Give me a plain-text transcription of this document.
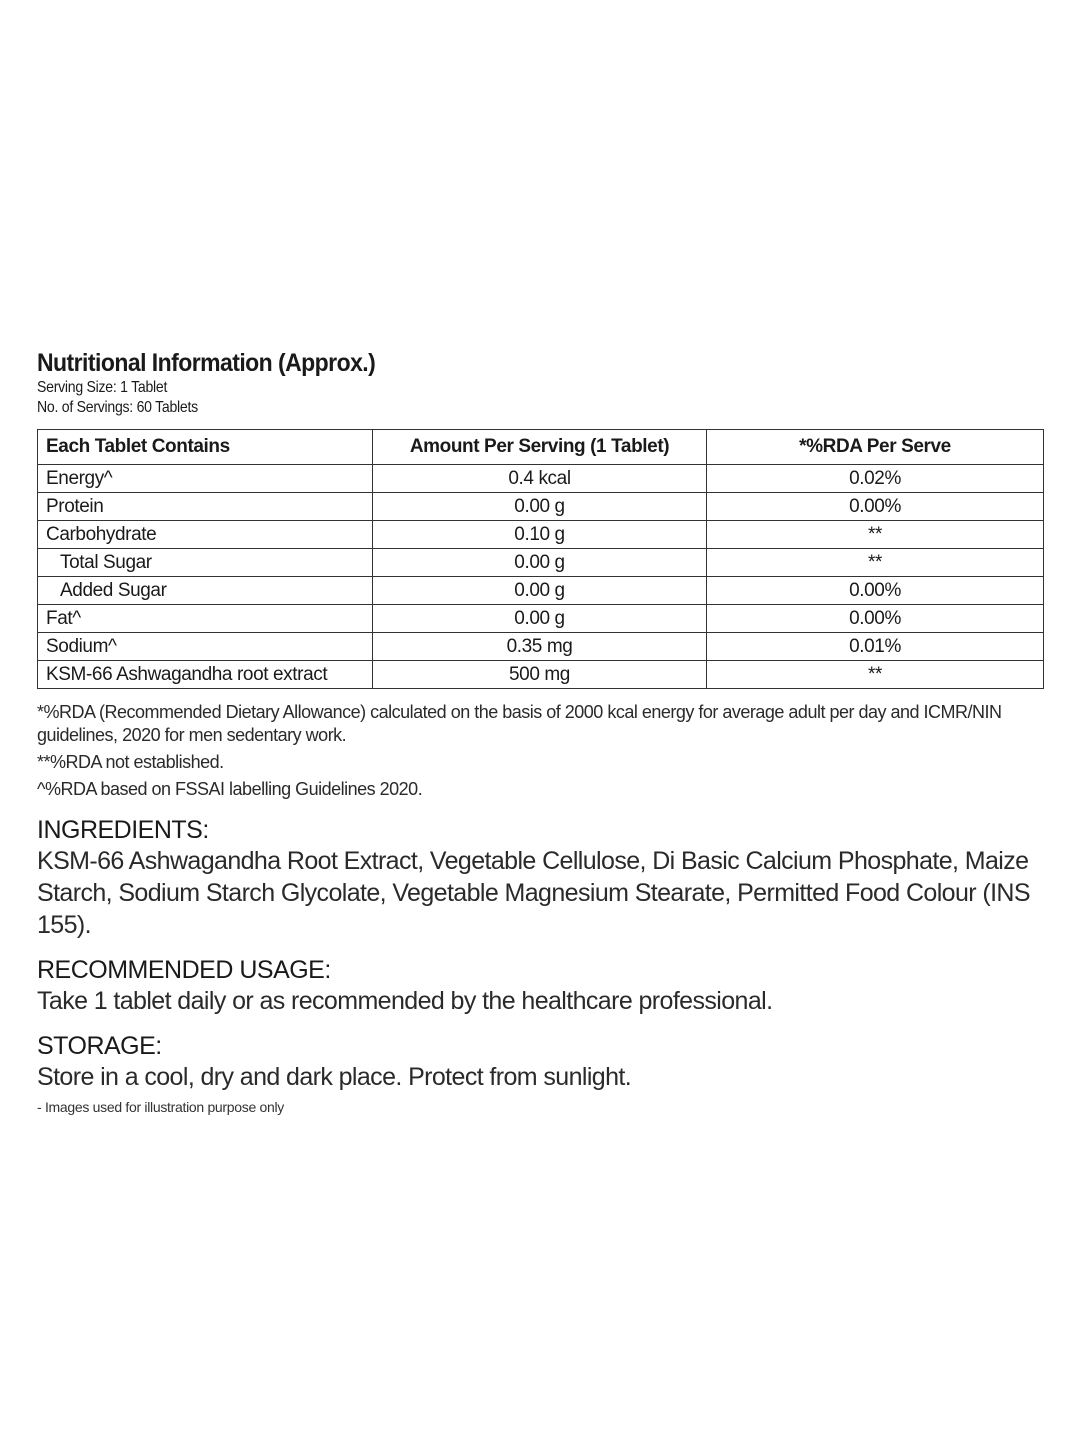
Nutritional Information (Approx.)
Serving Size: 1 Tablet
No. of Servings: 60 Tablets
Each Tablet Contains	Amount Per Serving (1 Tablet)	*%RDA Per Serve
Energy^	0.4 kcal	0.02%
Protein	0.00 g	0.00%
Carbohydrate	0.10 g	**
Total Sugar	0.00 g	**
Added Sugar	0.00 g	0.00%
Fat^	0.00 g	0.00%
Sodium^	0.35 mg	0.01%
KSM-66 Ashwagandha root extract	500 mg	**

*%RDA (Recommended Dietary Allowance) calculated on the basis of 2000 kcal energy for average adult per day and ICMR/NIN guidelines, 2020 for men sedentary work.

**%RDA not established.

^%RDA based on FSSAI labelling Guidelines 2020.

INGREDIENTS:
KSM-66 Ashwagandha Root Extract, Vegetable Cellulose, Di Basic Calcium Phosphate, Maize Starch, Sodium Starch Glycolate, Vegetable Magnesium Stearate, Permitted Food Colour (INS 155).
RECOMMENDED USAGE:
Take 1 tablet daily or as recommended by the healthcare professional.
STORAGE:
Store in a cool, dry and dark place. Protect from sunlight.
- Images used for illustration purpose only
